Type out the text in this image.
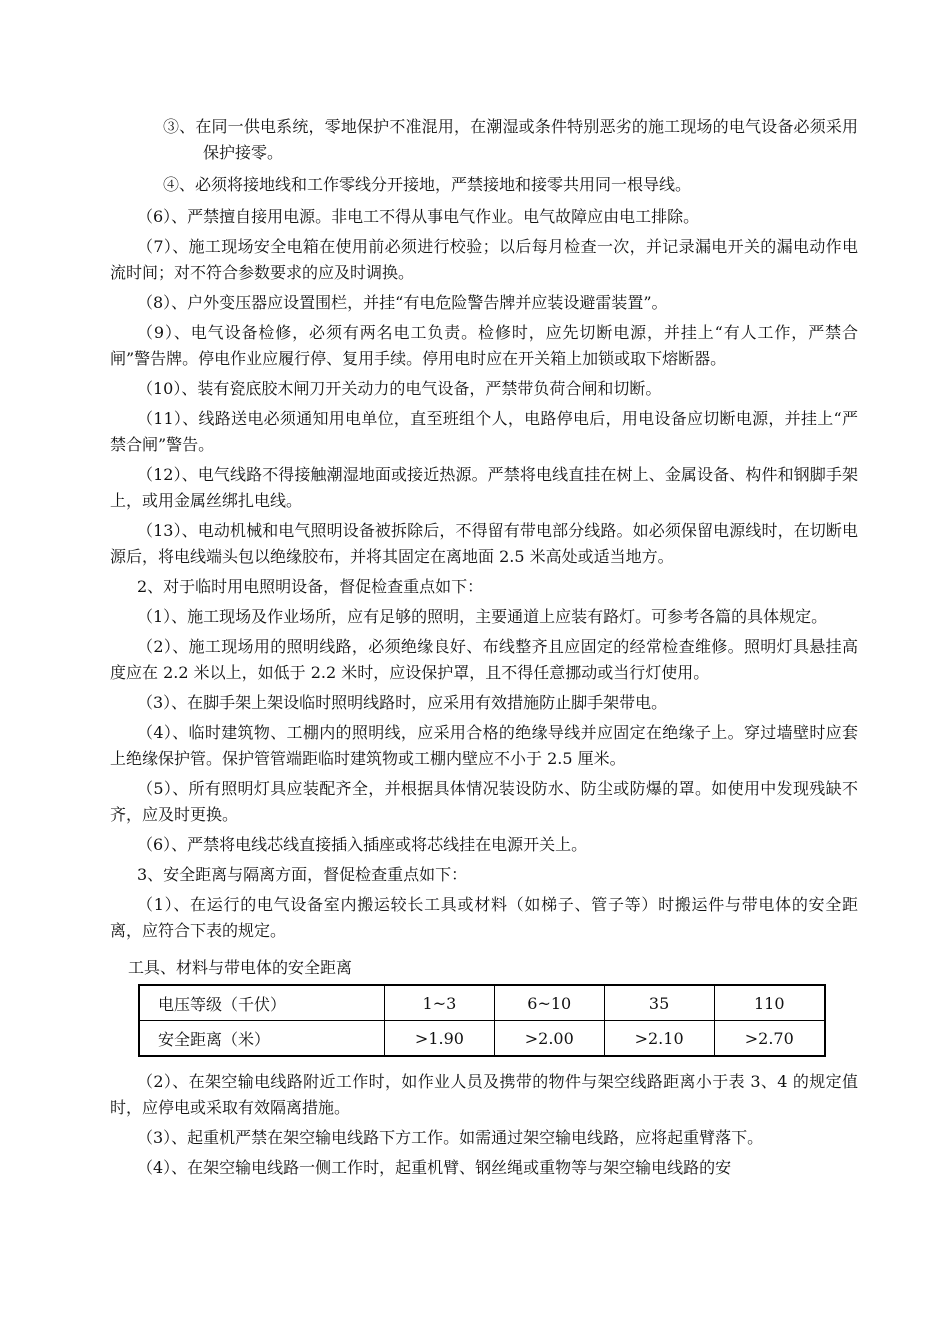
③、在同一供电系统，零地保护不准混用，在潮湿或条件特别恶劣的施工现场的电气设备必须采用保护接零。

④、必须将接地线和工作零线分开接地，严禁接地和接零共用同一根导线。

（6）、严禁擅自接用电源。非电工不得从事电气作业。电气故障应由电工排除。

（7）、施工现场安全电箱在使用前必须进行校验；以后每月检查一次，并记录漏电开关的漏电动作电流时间；对不符合参数要求的应及时调换。

（8）、户外变压器应设置围栏，并挂“有电危险警告牌并应装设避雷装置”。

（9）、电气设备检修，必须有两名电工负责。检修时，应先切断电源，并挂上“有人工作，严禁合闸”警告牌。停电作业应履行停、复用手续。停用电时应在开关箱上加锁或取下熔断器。

（10）、装有瓷底胶木闸刀开关动力的电气设备，严禁带负荷合闸和切断。

（11）、线路送电必须通知用电单位，直至班组个人，电路停电后，用电设备应切断电源，并挂上“严禁合闸”警告。

（12）、电气线路不得接触潮湿地面或接近热源。严禁将电线直挂在树上、金属设备、构件和钢脚手架上，或用金属丝绑扎电线。

（13）、电动机械和电气照明设备被拆除后，不得留有带电部分线路。如必须保留电源线时，在切断电源后，将电线端头包以绝缘胶布，并将其固定在离地面 2.5 米高处或适当地方。

2、对于临时用电照明设备，督促检查重点如下：

（1）、施工现场及作业场所，应有足够的照明，主要通道上应装有路灯。可参考各篇的具体规定。

（2）、施工现场用的照明线路，必须绝缘良好、布线整齐且应固定的经常检查维修。照明灯具悬挂高度应在 2.2 米以上，如低于 2.2 米时，应设保护罩，且不得任意挪动或当行灯使用。

（3）、在脚手架上架设临时照明线路时，应采用有效措施防止脚手架带电。

（4）、临时建筑物、工棚内的照明线，应采用合格的绝缘导线并应固定在绝缘子上。穿过墙壁时应套上绝缘保护管。保护管管端距临时建筑物或工棚内壁应不小于 2.5 厘米。

（5）、所有照明灯具应装配齐全，并根据具体情况装设防水、防尘或防爆的罩。如使用中发现残缺不齐，应及时更换。

（6）、严禁将电线芯线直接插入插座或将芯线挂在电源开关上。

3、安全距离与隔离方面，督促检查重点如下：

（1）、在运行的电气设备室内搬运较长工具或材料（如梯子、管子等）时搬运件与带电体的安全距离，应符合下表的规定。

工具、材料与带电体的安全距离
电压等级（千伏）	1~3	6~10	35	110
安全距离（米）	>1.90	>2.00	>2.10	>2.70

（2）、在架空输电线路附近工作时，如作业人员及携带的物件与架空线路距离小于表 3、4 的规定值时，应停电或采取有效隔离措施。

（3）、起重机严禁在架空输电线路下方工作。如需通过架空输电线路，应将起重臂落下。

（4）、在架空输电线路一侧工作时，起重机臂、钢丝绳或重物等与架空输电线路的安
